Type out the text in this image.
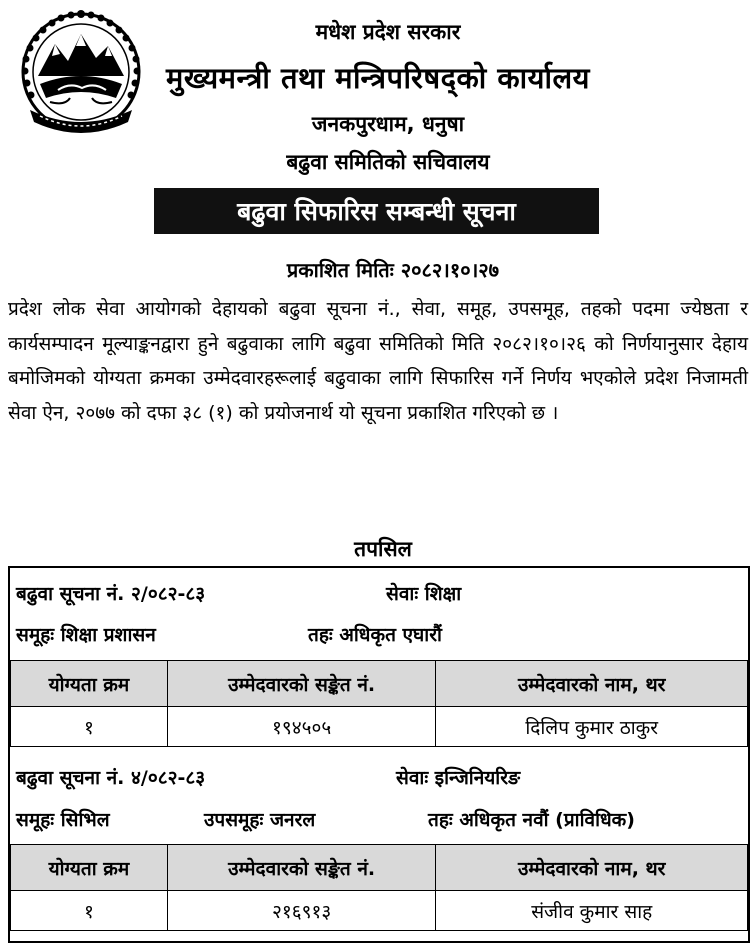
मधेश प्रदेश सरकार
मुख्यमन्त्री तथा मन्त्रिपरिषद्को कार्यालय
जनकपुरधाम, धनुषा
बढुवा समितिको सचिवालय
बढुवा सिफारिस सम्बन्धी सूचना
प्रकाशित मितिः २०८२।१०।२७
प्रदेश लोक सेवा आयोगको देहायको बढुवा सूचना नं., सेवा, समूह, उपसमूह, तहको पदमा ज्येष्ठता र कार्यसम्पादन मूल्याङ्कनद्वारा हुने बढुवाका लागि बढुवा समितिको मिति २०८२।१०।२६ को निर्णयानुसार देहाय बमोजिमको योग्यता क्रमका उम्मेदवारहरूलाई बढुवाका लागि सिफारिस गर्ने निर्णय भएकोले प्रदेश निजामती सेवा ऐन, २०७७ को दफा ३८ (१) को प्रयोजनार्थ यो सूचना प्रकाशित गरिएको छ ।
तपसिल
बढुवा सूचना नं. २/०८२-८३	सेवाः शिक्षा
समूहः शिक्षा प्रशासन	तहः अधिकृत एघारौं
योग्यता क्रम	उम्मेदवारको सङ्केत नं.	उम्मेदवारको नाम, थर
१	१९४५०५	दिलिप कुमार ठाकुर
बढुवा सूचना नं. ४/०८२-८३	सेवाः इन्जिनियरिङ
समूहः सिभिल	उपसमूहः जनरल	तहः अधिकृत नवौं (प्राविधिक)
योग्यता क्रम	उम्मेदवारको सङ्केत नं.	उम्मेदवारको नाम, थर
१	२१६९१३	संजीव कुमार साह
